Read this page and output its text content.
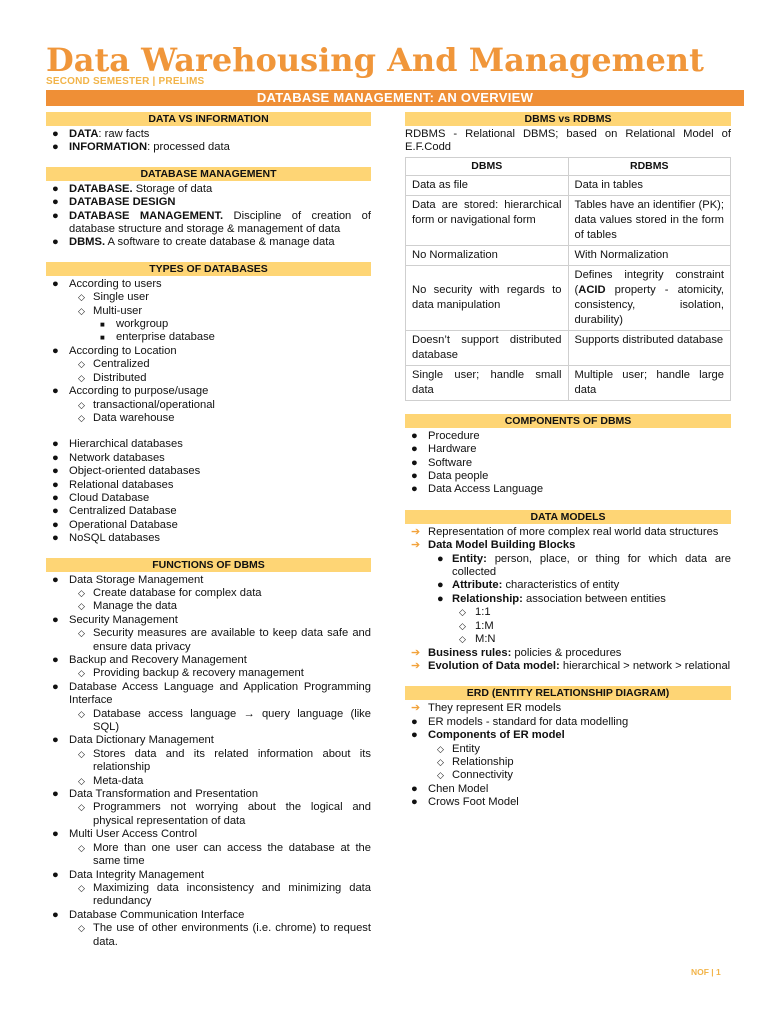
Data Warehousing And Management
SECOND SEMESTER | PRELIMS
DATABASE MANAGEMENT: AN OVERVIEW
DATA VS INFORMATION
● DATA: raw facts
● INFORMATION: processed data
DATABASE MANAGEMENT
● DATABASE. Storage of data
● DATABASE DESIGN
● DATABASE MANAGEMENT. Discipline of creation of database structure and storage & management of data
● DBMS. A software to create database & manage data
TYPES OF DATABASES
● According to users
◇ Single user
◇ Multi-user
■ workgroup
■ enterprise database
● According to Location
◇ Centralized
◇ Distributed
● According to purpose/usage
◇ transactional/operational
◇ Data warehouse
● Hierarchical databases
● Network databases
● Object-oriented databases
● Relational databases
● Cloud Database
● Centralized Database
● Operational Database
● NoSQL databases
FUNCTIONS OF DBMS
● Data Storage Management
◇ Create database for complex data
◇ Manage the data
● Security Management
◇ Security measures are available to keep data safe and ensure data privacy
● Backup and Recovery Management
◇ Providing backup & recovery management
● Database Access Language and Application Programming Interface
◇ Database access language → query language (like SQL)
● Data Dictionary Management
◇ Stores data and its related information about its relationship
◇ Meta-data
● Data Transformation and Presentation
◇ Programmers not worrying about the logical and physical representation of data
● Multi User Access Control
◇ More than one user can access the database at the same time
● Data Integrity Management
◇ Maximizing data inconsistency and minimizing data redundancy
● Database Communication Interface
◇ The use of other environments (i.e. chrome) to request data.
DBMS vs RDBMS
RDBMS - Relational DBMS; based on Relational Model of E.F.Codd
DBMS	RDBMS
Data as file	Data in tables
Data are stored: hierarchical form or navigational form	Tables have an identifier (PK); data values stored in the form of tables
No Normalization	With Normalization
No security with regards to data manipulation	Defines integrity constraint (ACID property - atomicity, consistency, isolation, durability)
Doesn’t support distributed database	Supports distributed database
Single user; handle small data	Multiple user; handle large data
COMPONENTS OF DBMS
● Procedure
● Hardware
● Software
● Data people
● Data Access Language
DATA MODELS
➔ Representation of more complex real world data structures
➔ Data Model Building Blocks
● Entity: person, place, or thing for which data are collected
● Attribute: characteristics of entity
● Relationship: association between entities
◇ 1:1
◇ 1:M
◇ M:N
➔ Business rules: policies & procedures
➔ Evolution of Data model: hierarchical > network > relational
ERD (ENTITY RELATIONSHIP DIAGRAM)
➔ They represent ER models
● ER models - standard for data modelling
● Components of ER model
◇ Entity
◇ Relationship
◇ Connectivity
● Chen Model
● Crows Foot Model
NOF | 1
